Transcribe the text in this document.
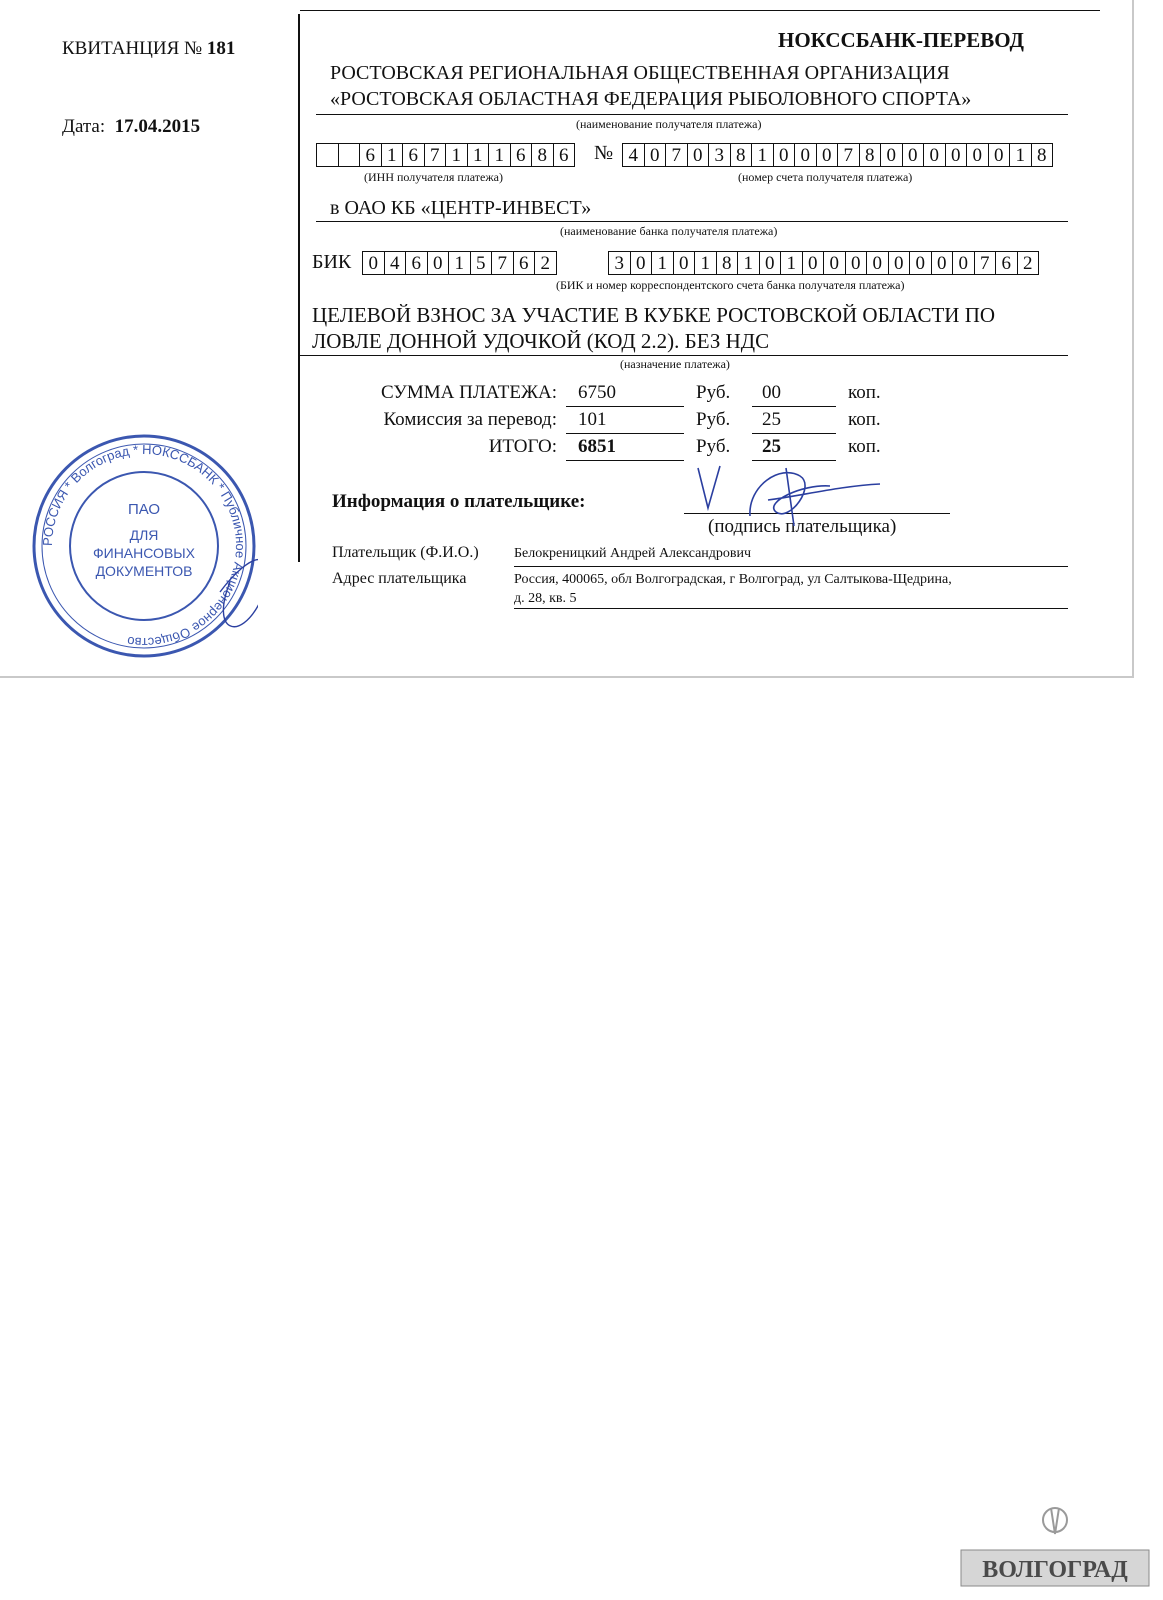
КВИТАНЦИЯ № 181
Дата: 17.04.2015
НОКССБАНК-ПЕРЕВОД
РОСТОВСКАЯ РЕГИОНАЛЬНАЯ ОБЩЕСТВЕННАЯ ОРГАНИЗАЦИЯ
«РОСТОВСКАЯ ОБЛАСТНАЯ ФЕДЕРАЦИЯ РЫБОЛОВНОГО СПОРТА»
(наименование получателя платежа)
6 1 6 7 1 1 1 6 8 6	№ 4 0 7 0 3 8 1 0 0 0 7 8 0 0 0 0 0 0 1 8
(ИНН получателя платежа)	(номер счета получателя платежа)
в ОАО КБ «ЦЕНТР-ИНВЕСТ»
(наименование банка получателя платежа)
БИК 0 4 6 0 1 5 7 6 2	3 0 1 0 1 8 1 0 1 0 0 0 0 0 0 0 0 7 6 2
(БИК и номер корреспондентского счета банка получателя платежа)
ЦЕЛЕВОЙ ВЗНОС ЗА УЧАСТИЕ В КУБКЕ РОСТОВСКОЙ ОБЛАСТИ ПО
ЛОВЛЕ ДОННОЙ УДОЧКОЙ (КОД 2.2). БЕЗ НДС
(назначение платежа)
СУММА ПЛАТЕЖА: 6750	Руб. 00	коп.
Комиссия за перевод: 101	Руб. 25	коп.
ИТОГО: 6851	Руб. 25	коп.
Информация о плательщике:
(подпись плательщика)
Плательщик (Ф.И.О.)	Белокреницкий Андрей Александрович
Адрес плательщика	Россия, 400065, обл Волгоградская, г Волгоград, ул Салтыкова-Щедрина,
д. 28, кв. 5
РОССИЯ * Волгоград * НОКССБАНК * Публичное Акционерное Общество
ПАО
ДЛЯ
ФИНАНСОВЫХ
ДОКУМЕНТОВ
ВОЛГОГРАД
